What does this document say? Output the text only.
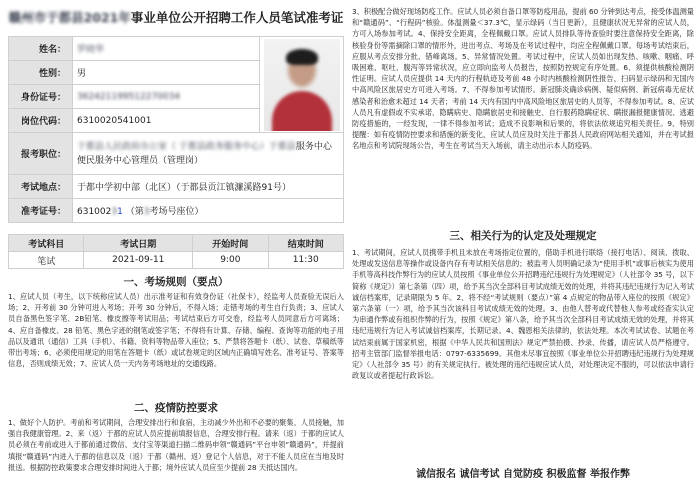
赣州市于都县2021年事业单位公开招聘工作人员笔试准考证
姓名：	罗晓华	

性别：	男	
身份证号：	362421199512270034	
岗位代码：	6310020541001	
报考职位：	于都县人民政府办公室（ 于都县政务服务中心）于都县服务中心便民服务中心管理员（管理岗）	
考试地点：	于都中学初中部（北区）（于都县贡江镇濂溪路91号）	
准考证号：	63100231 （第3考场号座位）	
考试科目	考试日期	开始时间	结束时间
笔试	2021-09-11	9:00	11:30
一、考场规则（要点）
1、应试人员（考生，以下统称应试人员）出示准考证和有效身份证（社保卡），经监考人员查验无误后入场；2、开考前 30 分钟可进入考场；开考 30 分钟后，不得入场；走错考场的考生自行负责；3、应试人员自备黑色签字笔、2B铅笔、橡皮擦等考试用品；考试结束后方可交卷，经监考人员同意后方可离场；4、应自备橡皮、28 铅笔、黑色字迹的钢笔或签字笔；不得将有计算、存储、编程、查询等功能的电子用品以及通讯（通信）工具（手机）、书籍、资料等物品带入座位；5、严禁将答题卡（纸）、试卷、草稿纸等带出考场；6、必须使用规定的用笔在答题卡（纸）或试卷规定的区域内正确填写姓名、准考证号、答案等信息，否则成绩无效；7、应试人员一天内务考场地址的交通线路。
二、疫情防控要求
1、做好个人防护。考前和考试期间，合理安排出行和食宿，主动减少外出和不必要的聚集、人员接触，加强自我健康管理。2、来（返）于都的应试人员应提前填报信息，合理安排行程。请来（返）于都的应试人员必须在考前或进入于都前通过微信、支付宝等渠道扫描二维码申领“赣通码”平台申领“赣通码”，并提前填报“赣通码”内进入于都的信息以及（返）于都（赣州、返）登记个人信息，对于不能人员应在当地及时报送。根据防控政策要求合理安排时间进入于都；境外应试人员应至少提前 28 天抵达国内。
3、积极配合做好现场防疫工作。应试人员必须自备口罩等防疫用品，提前 60 分钟到达考点，接受体温测量和“赣通码”、“行程码”核验。体温测量＜37.3℃，显示绿码（当日更新），且健康状况无异常的应试人员，方可入场参加考试。4、保持安全距离，全程佩戴口罩。应试人员排队等待查验时要注意保持安全距离，除核验身份等需摘除口罩的情形外，进出考点、考场及在考试过程中，均应全程佩戴口罩。每场考试结束后，应服从考点安排分批、错峰离场。5、异常情况处置。考试过程中，应试人员如出现发热、咳嗽、咽痛、呼吸困难、呕吐、腹泻等异常状况，应立即向监考人员报告，按照防控规定有序处置。6、须提供核酸检测阴性证明。应试人员应提供 14 天内的行程轨迹及考前 48 小时内核酸检测阴性报告，扫码显示绿码和无国内中高风险区旅居史方可进入考场。7、不得参加考试情形。新冠肺炎确诊病例、疑似病例、新冠病毒无症状感染者和治愈未超过 14 天者；考前 14 天内有国内中高风险地区旅居史的人员等，不得参加考试。8、应试人员凡有虚假或不实承诺、隐瞒病史、隐瞒旅居史和接触史、自行服药隐瞒症状、瞒报漏报健康情况、逃避防疫措施的，一经发现，一律不得参加考试；造成不良影响和后果的，将依法依规追究相关责任。9、特别提醒：如有疫情防控要求和措施的新变化，应试人员应及时关注于都县人民政府网站相关通知，并在考试报名地点和考试院现场公告，考生在考试当天入场前，请主动出示本人防疫码。
三、相关行为的认定及处理规定
1、考试期间，应试人员携带手机且未放在考场指定位置的，借助手机进行联络（接打电话）、阅读、拨取、处理或发送信息等操作或设备内存有考试相关信息的；被监考人员明确记录为“使用手机”或事后核实为使用手机等高科技作弊行为的应试人员按照《事业单位公开招聘违纪违规行为处理规定》（人社部令 35 号，以下简称《规定》）第七条第（四）项，给予其当次全部科目考试成绩无效的处理，并将其违纪违规行为记入考试诚信档案库，记录期限为 5 年。2、将不经“考试规则（要点）”第 4 点规定的物品带入座位的按照《规定》第六条第（一）项，给予其当次该科目考试成绩无效的处理。3、由他人替考或代替他人参考或经查实认定为串通作弊或有组织作弊的行为，按照《规定》第八条，给予其当次全部科目考试成绩无效的处理，并将其违纪违规行为记入考试诚信档案库，长期记录。4、魏恩相关法律的，依法处理。本次考试试卷、试题在考试结束前属于国家机密，根据《中华人民共和国刑法》规定严禁拍摄、抄录、传播，请应试人员严格遵守。招考主管部门监督举报电话：0797-6335699。其他未尽事宜按照《事业单位公开招聘违纪违规行为处理规定》（人社部令 35 号）的有关规定执行。被处理的违纪违规应试人员，对处理决定不服的，可以依法申请行政复议或者提起行政诉讼。
诚信报名 诚信考试 自觉防疫 积极监督 举报作弊
